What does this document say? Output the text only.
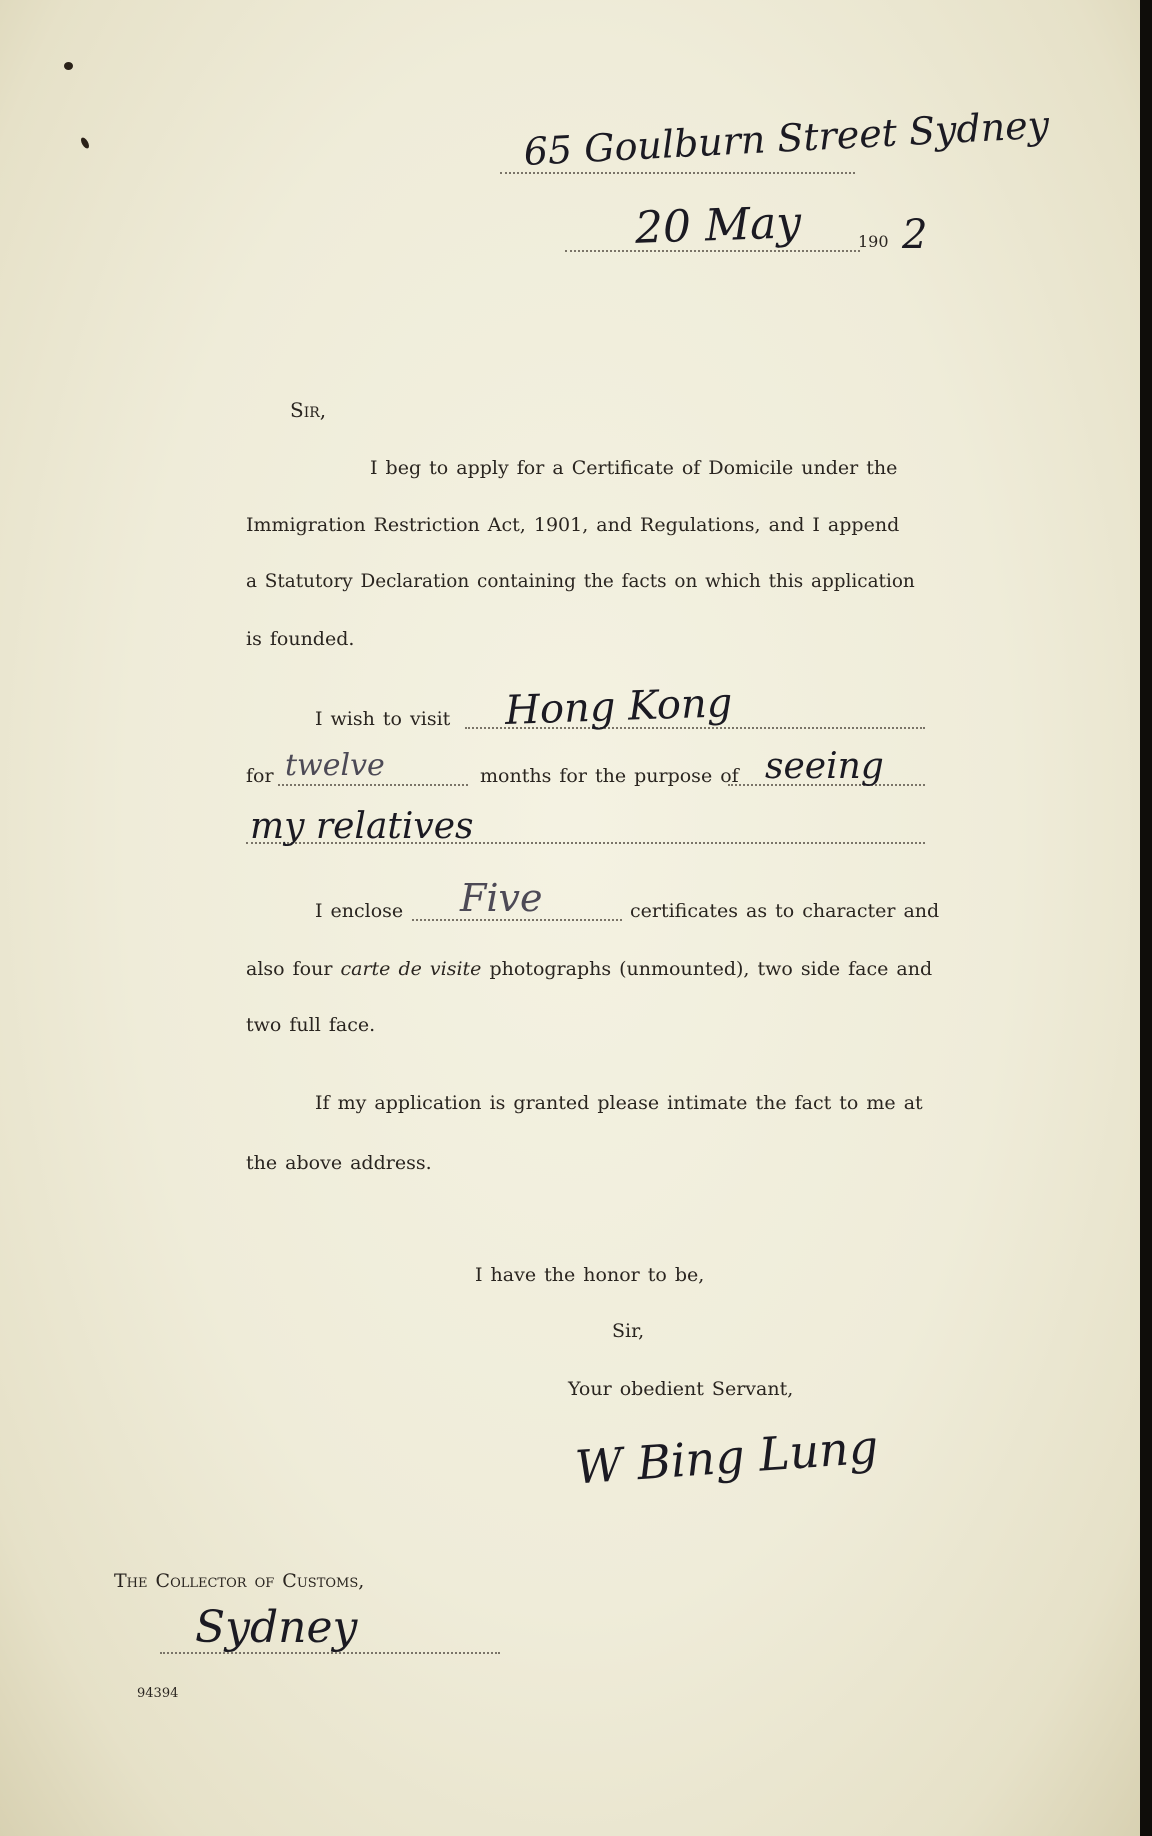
65 Goulburn Street Sydney
20 May	190 2
Sir,
I beg to apply for a Certificate of Domicile under the
Immigration Restriction Act, 1901, and Regulations, and I append
a Statutory Declaration containing the facts on which this application
is founded.
I wish to visit Hong Kong
for twelve	months for the purpose of seeing
my relatives
I enclose Five	certificates as to character and
also four carte de visite photographs (unmounted), two side face and
two full face.
If my application is granted please intimate the fact to me at
the above address.
I have the honor to be,
Sir,
Your obedient Servant,
W Bing Lung
The Collector of Customs,
Sydney
94394
